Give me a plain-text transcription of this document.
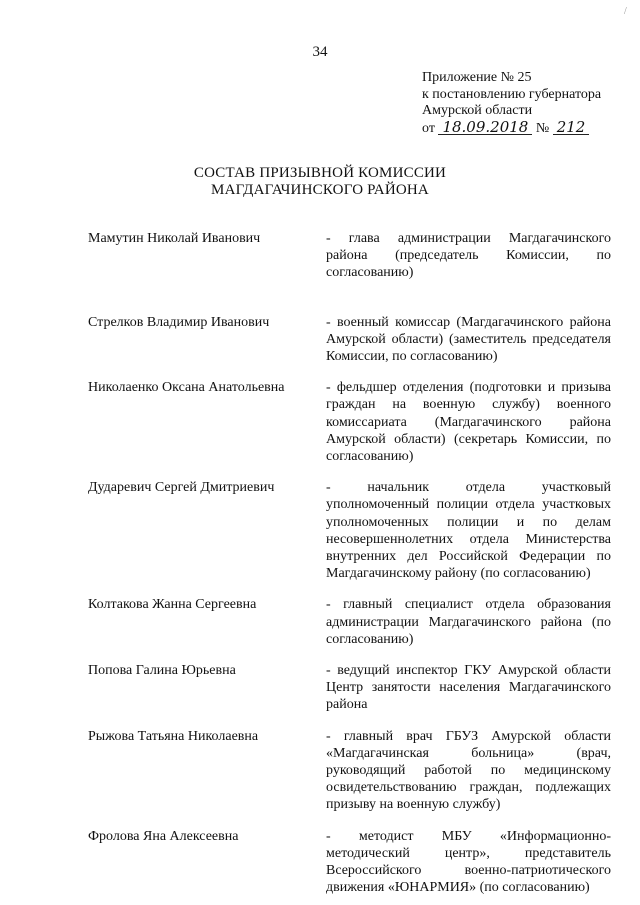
/
34
Приложение № 25
к постановлению губернатора
Амурской области
от 18.09.2018 № 212
СОСТАВ ПРИЗЫВНОЙ КОМИССИИ
МАГДАГАЧИНСКОГО РАЙОНА
Мамутин Николай Иванович	- глава администрации Магдагачинского района (председатель Комиссии, по согласованию)
Стрелков Владимир Иванович	- военный комиссар (Магдагачинского района Амурской области) (заместитель председателя Комиссии, по согласованию)
Николаенко Оксана Анатольевна	- фельдшер отделения (подготовки и призыва граждан на военную службу) военного комиссариата (Магдагачинского района Амурской области) (секретарь Комиссии, по согласованию)
Дударевич Сергей Дмитриевич	- начальник отдела участковый уполномоченный полиции отдела участковых уполномоченных полиции и по делам несовершеннолетних отдела Министерства внутренних дел Российской Федерации по Магдагачинскому району (по согласованию)
Колтакова Жанна Сергеевна	- главный специалист отдела образования администрации Магдагачинского района (по согласованию)
Попова Галина Юрьевна	- ведущий инспектор ГКУ Амурской области Центр занятости населения Магдагачинского района
Рыжова Татьяна Николаевна	- главный врач ГБУЗ Амурской области «Магдагачинская больница» (врач, руководящий работой по медицинскому освидетельствованию граждан, подлежащих призыву на военную службу)
Фролова Яна Алексеевна	- методист МБУ «Информационно-методический центр», представитель Всероссийского военно-патриотического движения «ЮНАРМИЯ» (по согласованию)
